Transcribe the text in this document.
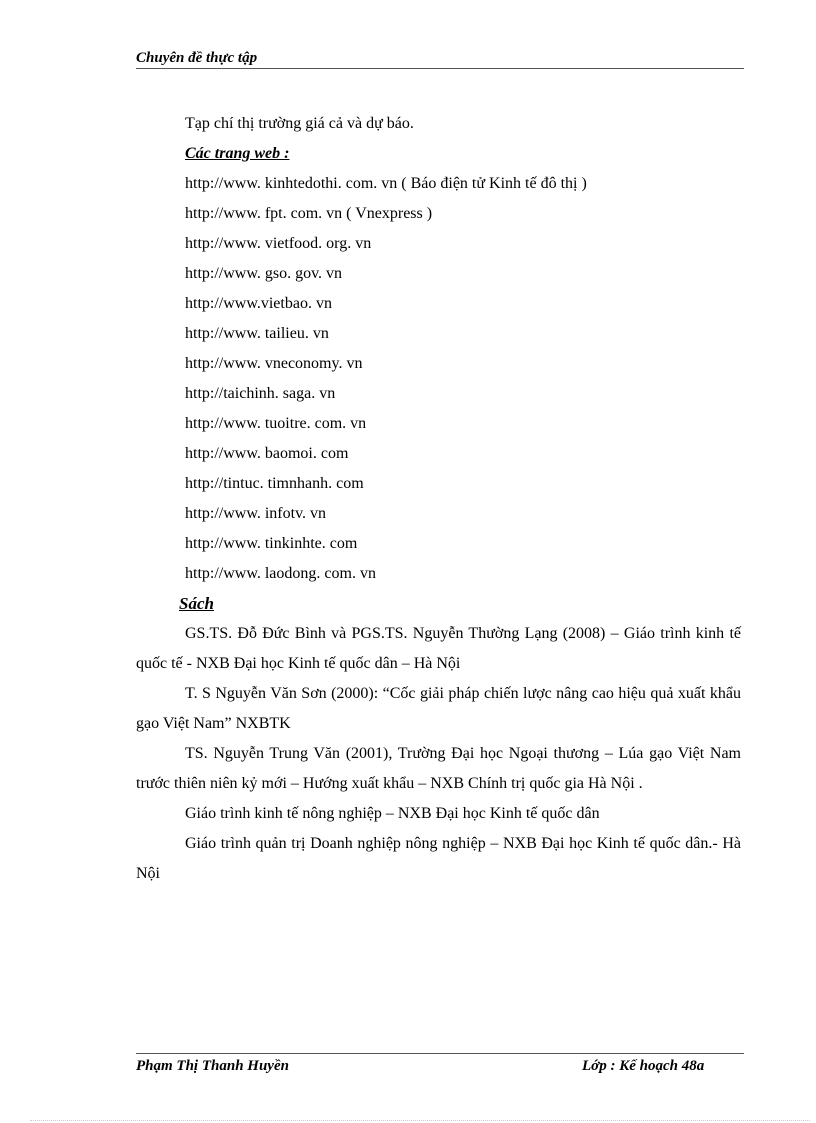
Chuyên đề thực tập
Tạp chí thị trường giá cả và dự báo.
Các trang web :
http://www. kinhtedothi. com. vn ( Báo điện tử Kinh tế đô thị )
http://www. fpt. com. vn ( Vnexpress )
http://www. vietfood. org. vn
http://www. gso. gov. vn
http://www.vietbao. vn
http://www. tailieu. vn
http://www. vneconomy. vn
http://taichinh. saga. vn
http://www. tuoitre. com. vn
http://www. baomoi. com
http://tintuc. timnhanh. com
http://www. infotv. vn
http://www. tinkinhte. com
http://www. laodong. com. vn
Sách
GS.TS. Đỗ Đức Bình và PGS.TS. Nguyễn Thường Lạng (2008) – Giáo trình kinh tế quốc tế - NXB Đại học Kinh tế quốc dân – Hà Nội
T. S Nguyễn Văn Sơn (2000): “Cốc giải pháp chiến lược nâng cao hiệu quả xuất khẩu gạo Việt Nam” NXBTK
TS. Nguyễn Trung Văn (2001), Trường Đại học Ngoại thương – Lúa gạo Việt Nam trước thiên niên kỷ mới – Hướng xuất khẩu – NXB Chính trị quốc gia Hà Nội .
Giáo trình kinh tế nông nghiệp – NXB Đại học Kinh tế quốc dân
Giáo trình quản trị Doanh nghiệp nông nghiệp – NXB Đại học Kinh tế quốc dân.- Hà Nội
Phạm Thị Thanh Huyền	Lớp : Kế hoạch 48a
